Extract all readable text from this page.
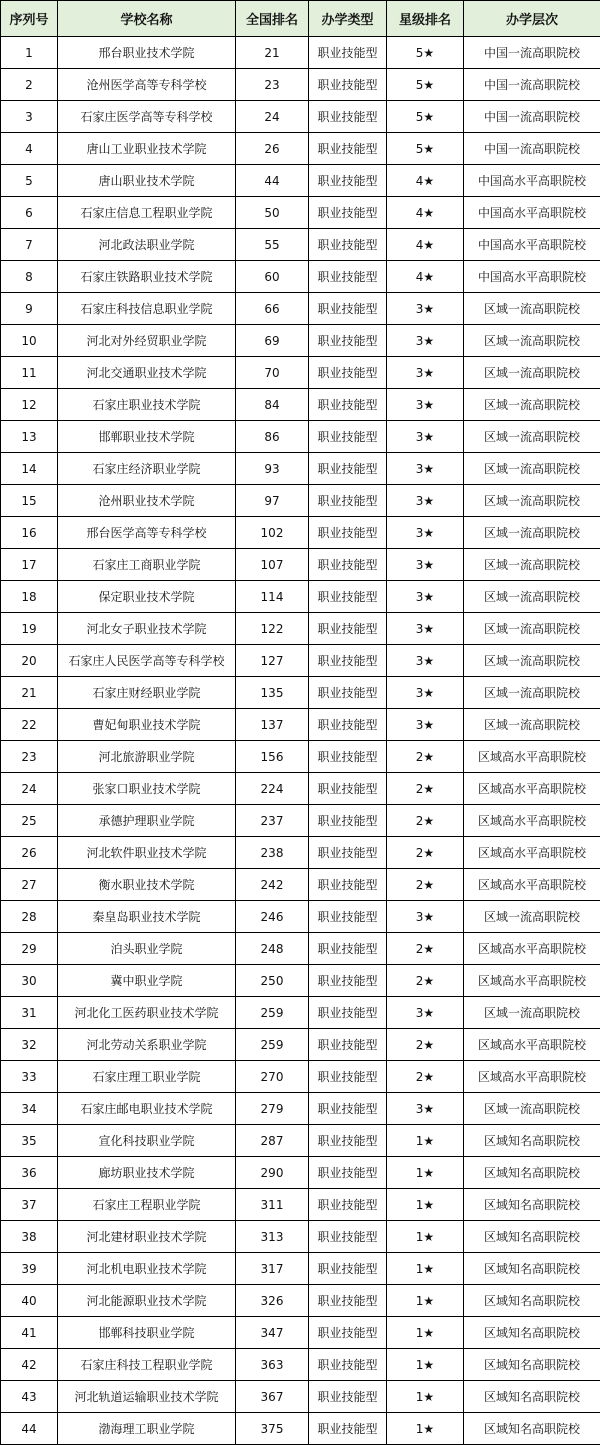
序列号	学校名称	全国排名	办学类型	星级排名	办学层次
1	邢台职业技术学院	21	职业技能型	5★	中国一流高职院校
2	沧州医学高等专科学校	23	职业技能型	5★	中国一流高职院校
3	石家庄医学高等专科学校	24	职业技能型	5★	中国一流高职院校
4	唐山工业职业技术学院	26	职业技能型	5★	中国一流高职院校
5	唐山职业技术学院	44	职业技能型	4★	中国高水平高职院校
6	石家庄信息工程职业学院	50	职业技能型	4★	中国高水平高职院校
7	河北政法职业学院	55	职业技能型	4★	中国高水平高职院校
8	石家庄铁路职业技术学院	60	职业技能型	4★	中国高水平高职院校
9	石家庄科技信息职业学院	66	职业技能型	3★	区域一流高职院校
10	河北对外经贸职业学院	69	职业技能型	3★	区域一流高职院校
11	河北交通职业技术学院	70	职业技能型	3★	区域一流高职院校
12	石家庄职业技术学院	84	职业技能型	3★	区域一流高职院校
13	邯郸职业技术学院	86	职业技能型	3★	区域一流高职院校
14	石家庄经济职业学院	93	职业技能型	3★	区域一流高职院校
15	沧州职业技术学院	97	职业技能型	3★	区域一流高职院校
16	邢台医学高等专科学校	102	职业技能型	3★	区域一流高职院校
17	石家庄工商职业学院	107	职业技能型	3★	区域一流高职院校
18	保定职业技术学院	114	职业技能型	3★	区域一流高职院校
19	河北女子职业技术学院	122	职业技能型	3★	区域一流高职院校
20	石家庄人民医学高等专科学校	127	职业技能型	3★	区域一流高职院校
21	石家庄财经职业学院	135	职业技能型	3★	区域一流高职院校
22	曹妃甸职业技术学院	137	职业技能型	3★	区域一流高职院校
23	河北旅游职业学院	156	职业技能型	2★	区域高水平高职院校
24	张家口职业技术学院	224	职业技能型	2★	区域高水平高职院校
25	承德护理职业学院	237	职业技能型	2★	区域高水平高职院校
26	河北软件职业技术学院	238	职业技能型	2★	区域高水平高职院校
27	衡水职业技术学院	242	职业技能型	2★	区域高水平高职院校
28	秦皇岛职业技术学院	246	职业技能型	3★	区域一流高职院校
29	泊头职业学院	248	职业技能型	2★	区域高水平高职院校
30	冀中职业学院	250	职业技能型	2★	区域高水平高职院校
31	河北化工医药职业技术学院	259	职业技能型	3★	区域一流高职院校
32	河北劳动关系职业学院	259	职业技能型	2★	区域高水平高职院校
33	石家庄理工职业学院	270	职业技能型	2★	区域高水平高职院校
34	石家庄邮电职业技术学院	279	职业技能型	3★	区域一流高职院校
35	宣化科技职业学院	287	职业技能型	1★	区域知名高职院校
36	廊坊职业技术学院	290	职业技能型	1★	区域知名高职院校
37	石家庄工程职业学院	311	职业技能型	1★	区域知名高职院校
38	河北建材职业技术学院	313	职业技能型	1★	区域知名高职院校
39	河北机电职业技术学院	317	职业技能型	1★	区域知名高职院校
40	河北能源职业技术学院	326	职业技能型	1★	区域知名高职院校
41	邯郸科技职业学院	347	职业技能型	1★	区域知名高职院校
42	石家庄科技工程职业学院	363	职业技能型	1★	区域知名高职院校
43	河北轨道运输职业技术学院	367	职业技能型	1★	区域知名高职院校
44	渤海理工职业学院	375	职业技能型	1★	区域知名高职院校
